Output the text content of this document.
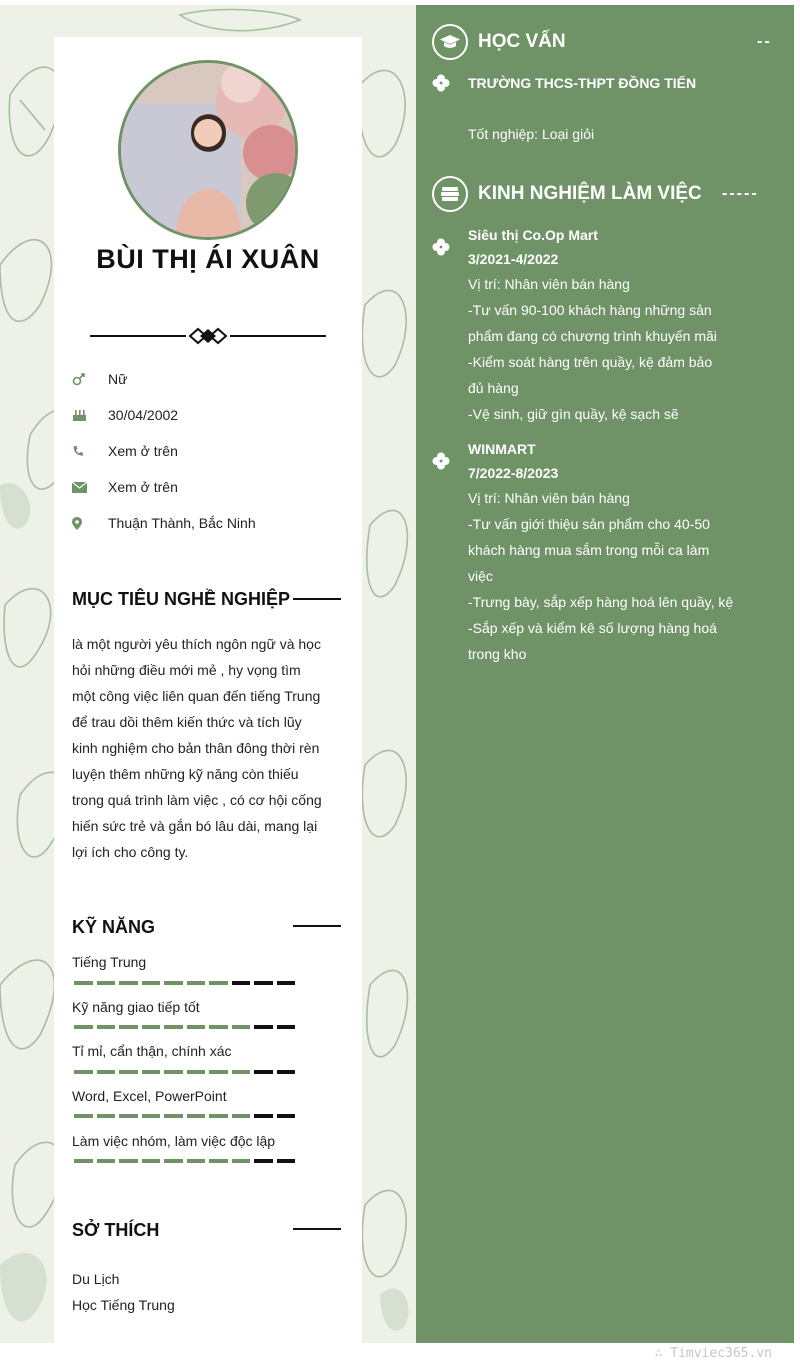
BÙI THỊ ÁI XUÂN
Nữ
30/04/2002
Xem ở trên
Xem ở trên
Thuận Thành, Bắc Ninh
MỤC TIÊU NGHỀ NGHIỆP
là một người yêu thích ngôn ngữ và học
hỏi những điều mới mẻ , hy vọng tìm
một công việc liên quan đến tiếng Trung
để trau dồi thêm kiến thức và tích lũy
kinh nghiệm cho bản thân đông thời rèn
luyện thêm những kỹ năng còn thiếu
trong quá trình làm việc , có cơ hội cống
hiến sức trẻ và gắn bó lâu dài, mang lại
lợi ích cho công ty.
KỸ NĂNG
Tiếng Trung
Kỹ năng giao tiếp tốt
Tỉ mỉ, cẩn thận, chính xác
Word, Excel, PowerPoint
Làm việc nhóm, làm việc độc lập
SỞ THÍCH
Du Lịch
Học Tiếng Trung
HỌC VẤN	--
TRƯỜNG THCS-THPT ĐỒNG TIẾN
Tốt nghiệp: Loại giỏi
KINH NGHIỆM LÀM VIỆC -----
Siêu thị Co.Op Mart
3/2021-4/2022
Vị trí: Nhân viên bán hàng
-Tư vấn 90-100 khách hàng những sản
phẩm đang có chương trình khuyến mãi
-Kiểm soát hàng trên quầy, kệ đảm bảo
đủ hàng
-Vệ sinh, giữ gìn quầy, kệ sạch sẽ
WINMART
7/2022-8/2023
Vị trí: Nhân viên bán hàng
-Tư vấn giới thiệu sản phẩm cho 40-50
khách hàng mua sắm trong mỗi ca làm
việc
-Trưng bày, sắp xếp hàng hoá lên quầy, kệ
-Sắp xếp và kiểm kê số lượng hàng hoá
trong kho
∴ Timviec365.vn
